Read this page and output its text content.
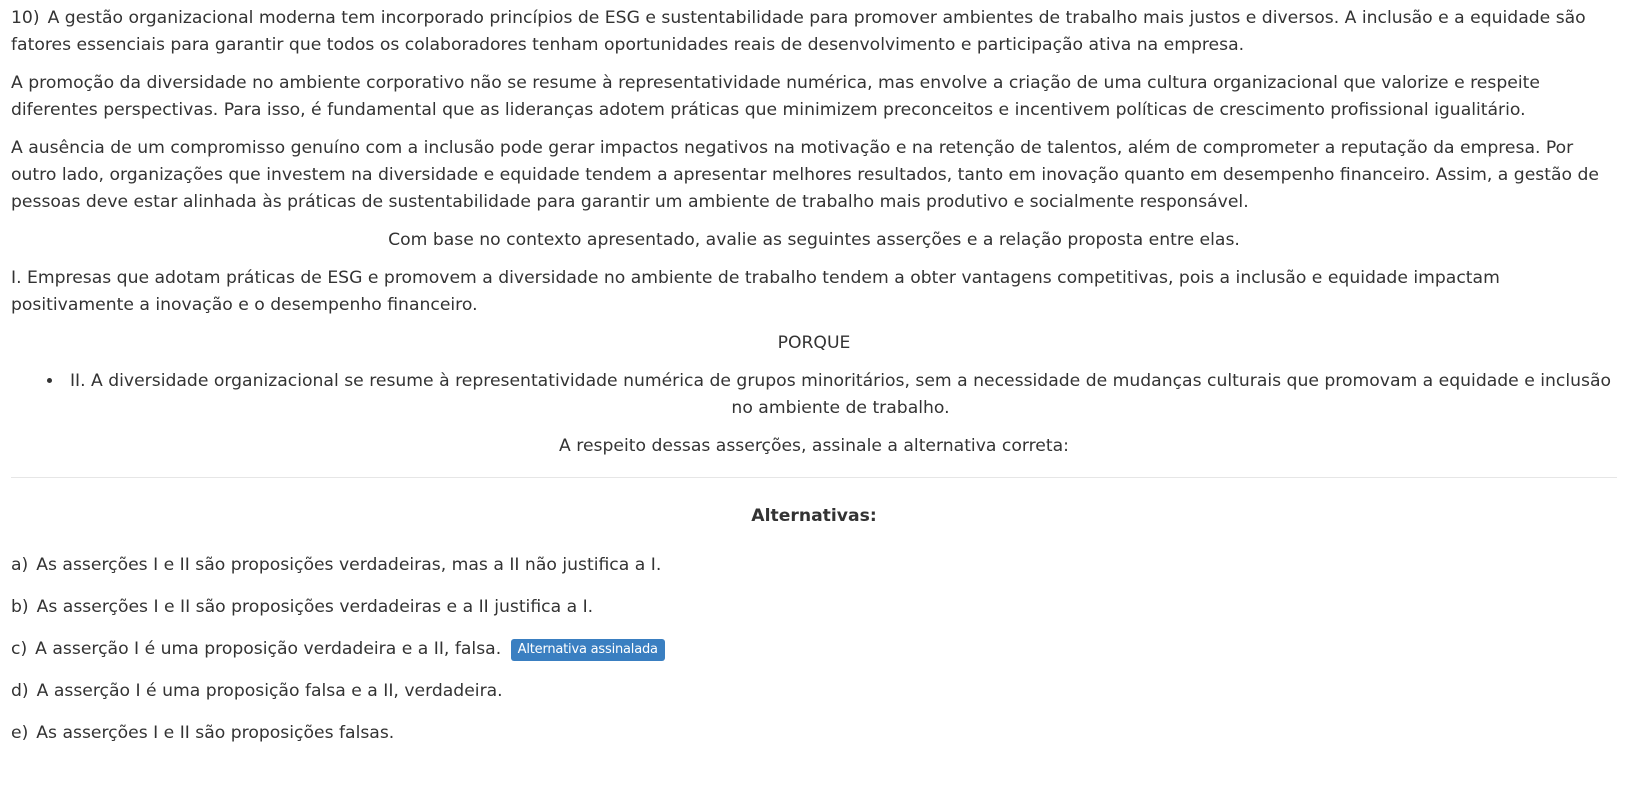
10) A gestão organizacional moderna tem incorporado princípios de ESG e sustentabilidade para promover ambientes de trabalho mais justos e diversos. A inclusão e a equidade são fatores essenciais para garantir que todos os colaboradores tenham oportunidades reais de desenvolvimento e participação ativa na empresa.

A promoção da diversidade no ambiente corporativo não se resume à representatividade numérica, mas envolve a criação de uma cultura organizacional que valorize e respeite diferentes perspectivas. Para isso, é fundamental que as lideranças adotem práticas que minimizem preconceitos e incentivem políticas de crescimento profissional igualitário.

A ausência de um compromisso genuíno com a inclusão pode gerar impactos negativos na motivação e na retenção de talentos, além de comprometer a reputação da empresa. Por outro lado, organizações que investem na diversidade e equidade tendem a apresentar melhores resultados, tanto em inovação quanto em desempenho financeiro. Assim, a gestão de pessoas deve estar alinhada às práticas de sustentabilidade para garantir um ambiente de trabalho mais produtivo e socialmente responsável.

Com base no contexto apresentado, avalie as seguintes asserções e a relação proposta entre elas.

I. Empresas que adotam práticas de ESG e promovem a diversidade no ambiente de trabalho tendem a obter vantagens competitivas, pois a inclusão e equidade impactam positivamente a inovação e o desempenho financeiro.

PORQUE

• II. A diversidade organizacional se resume à representatividade numérica de grupos minoritários, sem a necessidade de mudanças culturais que promovam a equidade e inclusão no ambiente de trabalho.

A respeito dessas asserções, assinale a alternativa correta:

Alternativas:
a) As asserções I e II são proposições verdadeiras, mas a II não justifica a I.
b) As asserções I e II são proposições verdadeiras e a II justifica a I.
c) A asserção I é uma proposição verdadeira e a II, falsa. Alternativa assinalada
d) A asserção I é uma proposição falsa e a II, verdadeira.
e) As asserções I e II são proposições falsas.
